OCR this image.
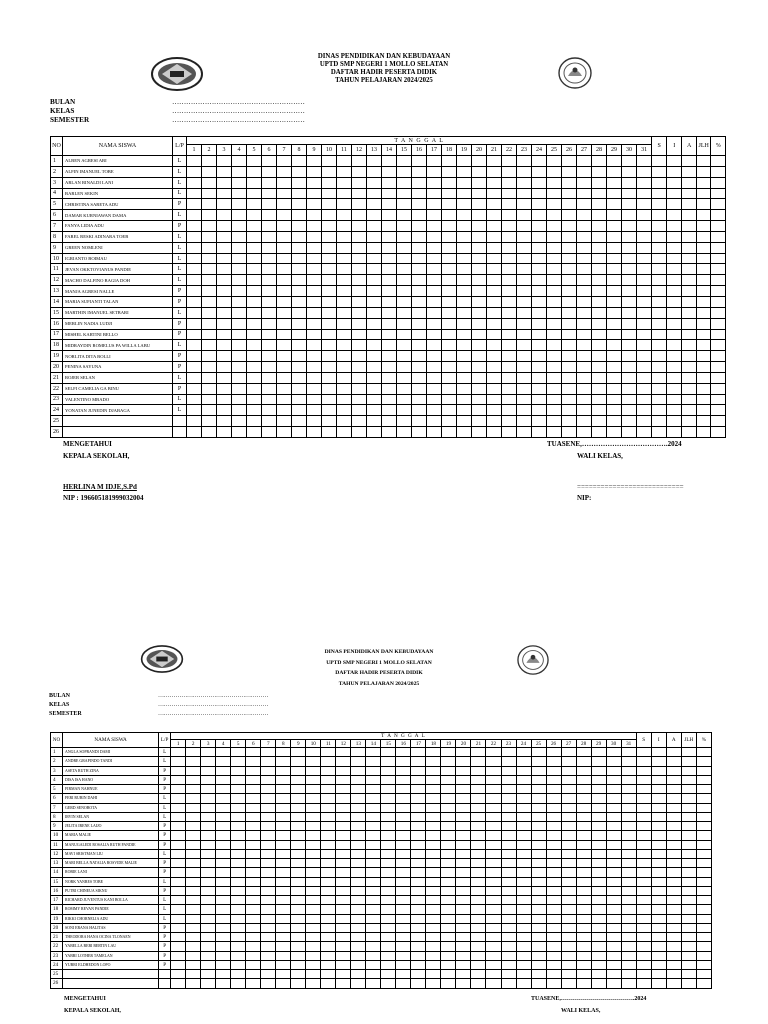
DINAS PENDIDIKAN DAN KEBUDAYAAN
UPTD SMP NEGERI 1 MOLLO SELATAN
DAFTAR HADIR PESERTA DIDIK
TAHUN PELAJARAN 2024/2025
BULAN	…………………………………………………
KELAS	…………………………………………………
SEMESTER	…………………………………………………
NO	NAMA SISWA	L/P	T A N G G A L																															S	I	A	JLH	%
			1	2	3	4	5	6	7	8	9	10	11	12	13	14	15	16	17	18	19	20	21	22	23	24	25	26	27	28	29	30	31					
1	ALBEN AGRESI ABI	L																																				
2	ALFIN IMANUEL TOBE	L																																				
3	ARLAN RINALDI LANI	L																																				
4	BARLEN SEKIN	L																																				
5	CHRISTINA SARETA ADU	P																																				
6	DAMAR KURNIAWAN DAMA	L																																				
7	FANYA LIDIA ADU	P																																				
8	FAREL RESKI ADINARA TOEB	L																																				
9	GREEN NOMLENI	L																																				
10	IGRIANTO BOIMAU	L																																				
11	JEVAN OKKTOVIANUS PANDIE	L																																				
12	MACHO DALFINO BAGIA DOH	L																																				
13	MANJA AGRESI NALLE	P																																				
14	MARIA SUFIANTI TALAN	P																																				
15	MARTHIN IMANUEL SETBARI	L																																				
16	MERLIN NADIA LUDJI	P																																				
17	MISHEL KARTINI BELLO	P																																				
18	MIDRAYDIN ROMELUS PA WILLA LABU	L																																				
19	NORLITA DITA BOLLI	P																																				
20	PENINA SAYUNA	P																																				
21	ROJER SELAN	L																																				
22	SELFI CAMELIA GA BINU	P																																				
23	VALENTINO MBADO	L																																				
24	YONATAN JUNEDIN DJABAGA	L																																				
25																																						
26																																						
MENGETAHUI
KEPALA SEKOLAH,
TUASENE,……………………………….2024
WALI KELAS,
HERLINA M IDJE,S.Pd
NIP : 196605181999032004
===========================
NIP:
DINAS PENDIDIKAN DAN KEBUDAYAAN
UPTD SMP NEGERI 1 MOLLO SELATAN
DAFTAR HADIR PESERTA DIDIK
TAHUN PELAJARAN 2024/2025
BULAN	…………………………………………………
KELAS	…………………………………………………
SEMESTER	…………………………………………………
NO	NAMA SISWA	L/P	T A N G G A L																															S	I	A	JLH	%
			1	2	3	4	5	6	7	8	9	10	11	12	13	14	15	16	17	18	19	20	21	22	23	24	25	26	27	28	29	30	31					
1	ANGLA SOPRANDI DAMI	L																																				
2	ANDRE GRAPINDO TANDI	L																																				
3	ASETA RUTH ZINA	P																																				
4	DISA ISA HANO	P																																				
5	FIRMAN NAHNUE	P																																				
6	FERI RURIN DAHI	L																																				
7	GERD SENOBOTA	L																																				
8	IRVIN SELAN	L																																				
9	JELITA IRENE LAIJO	P																																				
10	MARIA MALIE	P																																				
11	MANUGALEDI ROSALIA RUTH PANDIE	P																																				
12	MAVI SRISTMAN LIU	L																																				
13	MARI BELLA NATALIA ROSVIDE MALIE	P																																				
14	ROBIE LANI	P																																				
15	NORK YANRES TOBE	L																																				
16	PUTRI CHINEUA SIKNU	P																																				
17	RICHARD JUVENTUS KANI BOLLA	L																																				
18	ROMMY REVAN PANDIE	L																																				
19	RIKKI CHORNELIA ADU	L																																				
20	SONI ERANA HALITAS	P																																				
21	THEODORA HANA OCINA TLONAEN	P																																				
22	YABELLA BEBI BERTIN LAU	P																																				
23	YABRI LOTHER TAMELAN	P																																				
24	YUBRI ELDHEDON LOPO	P																																				
25																																						
26																																						
MENGETAHUI
KEPALA SEKOLAH,
TUASENE,……………………………….2024
WALI KELAS,
